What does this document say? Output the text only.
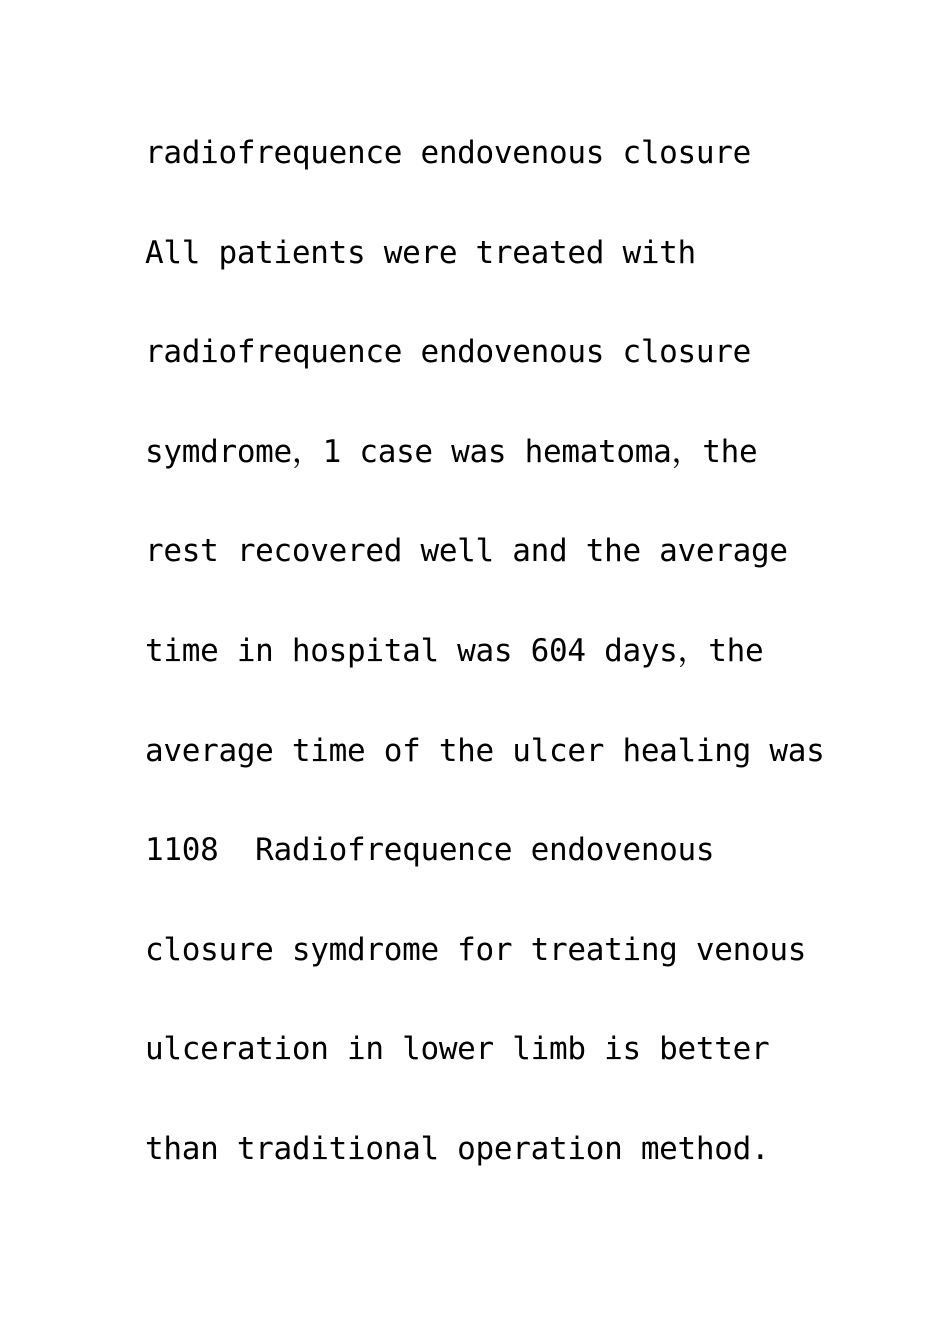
radiofrequence endovenous closure
All patients were treated with
radiofrequence endovenous closure
symdrome，1 case was hematoma，the
rest recovered well and the average
time in hospital was 604 days，the
average time of the ulcer healing was
1108  Radiofrequence endovenous
closure symdrome for treating venous
ulceration in lower limb is better
than traditional operation method.
